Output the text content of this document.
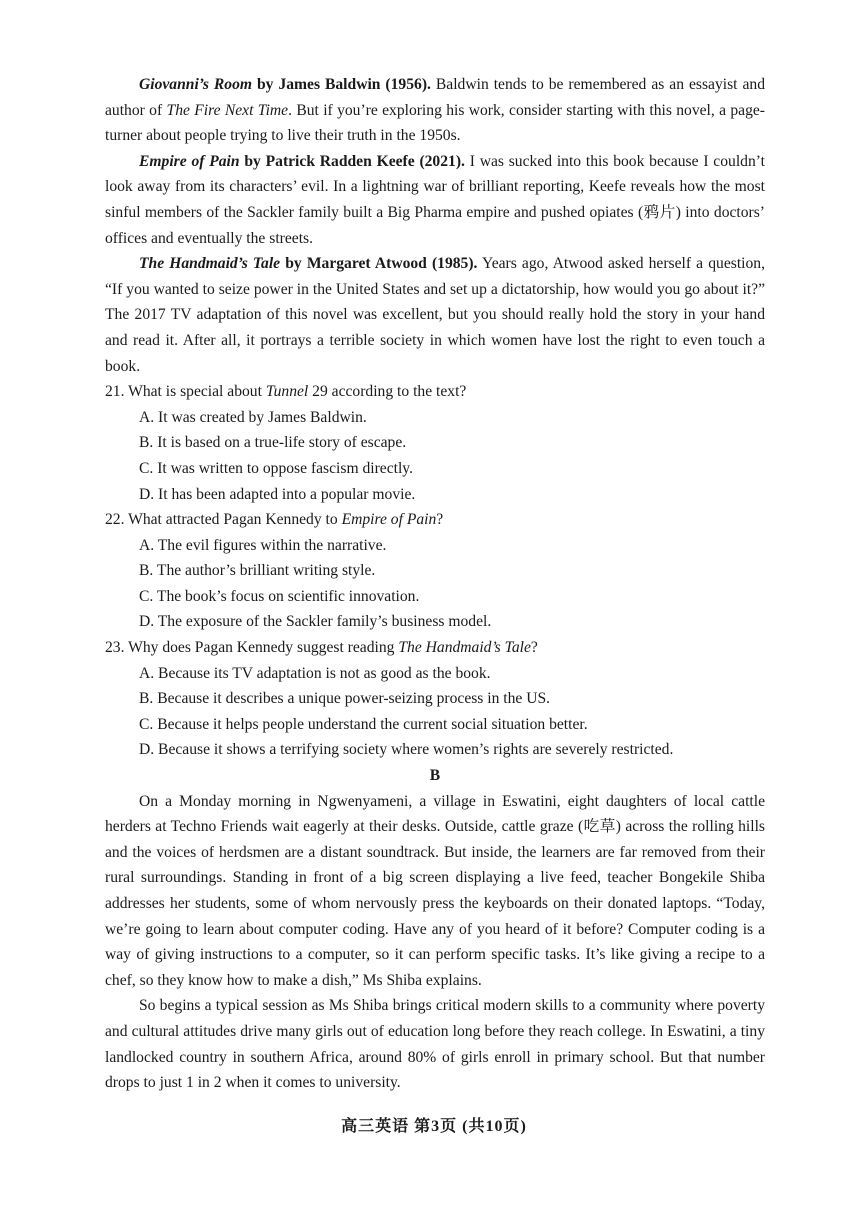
Giovanni’s Room by James Baldwin (1956). Baldwin tends to be remembered as an essayist and author of The Fire Next Time. But if you’re exploring his work, consider starting with this novel, a page-turner about people trying to live their truth in the 1950s.

Empire of Pain by Patrick Radden Keefe (2021). I was sucked into this book because I couldn’t look away from its characters’ evil. In a lightning war of brilliant reporting, Keefe reveals how the most sinful members of the Sackler family built a Big Pharma empire and pushed opiates (鸦片) into doctors’ offices and eventually the streets.

The Handmaid’s Tale by Margaret Atwood (1985). Years ago, Atwood asked herself a question, “If you wanted to seize power in the United States and set up a dictatorship, how would you go about it?” The 2017 TV adaptation of this novel was excellent, but you should really hold the story in your hand and read it. After all, it portrays a terrible society in which women have lost the right to even touch a book.

21. What is special about Tunnel 29 according to the text?

A. It was created by James Baldwin.

B. It is based on a true-life story of escape.

C. It was written to oppose fascism directly.

D. It has been adapted into a popular movie.

22. What attracted Pagan Kennedy to Empire of Pain?

A. The evil figures within the narrative.

B. The author’s brilliant writing style.

C. The book’s focus on scientific innovation.

D. The exposure of the Sackler family’s business model.

23. Why does Pagan Kennedy suggest reading The Handmaid’s Tale?

A. Because its TV adaptation is not as good as the book.

B. Because it describes a unique power-seizing process in the US.

C. Because it helps people understand the current social situation better.

D. Because it shows a terrifying society where women’s rights are severely restricted.

B

On a Monday morning in Ngwenyameni, a village in Eswatini, eight daughters of local cattle herders at Techno Friends wait eagerly at their desks. Outside, cattle graze (吃草) across the rolling hills and the voices of herdsmen are a distant soundtrack. But inside, the learners are far removed from their rural surroundings. Standing in front of a big screen displaying a live feed, teacher Bongekile Shiba addresses her students, some of whom nervously press the keyboards on their donated laptops. “Today, we’re going to learn about computer coding. Have any of you heard of it before? Computer coding is a way of giving instructions to a computer, so it can perform specific tasks. It’s like giving a recipe to a chef, so they know how to make a dish,” Ms Shiba explains.

So begins a typical session as Ms Shiba brings critical modern skills to a community where poverty and cultural attitudes drive many girls out of education long before they reach college. In Eswatini, a tiny landlocked country in southern Africa, around 80% of girls enroll in primary school. But that number drops to just 1 in 2 when it comes to university.

高三英语 第3页 (共10页)
